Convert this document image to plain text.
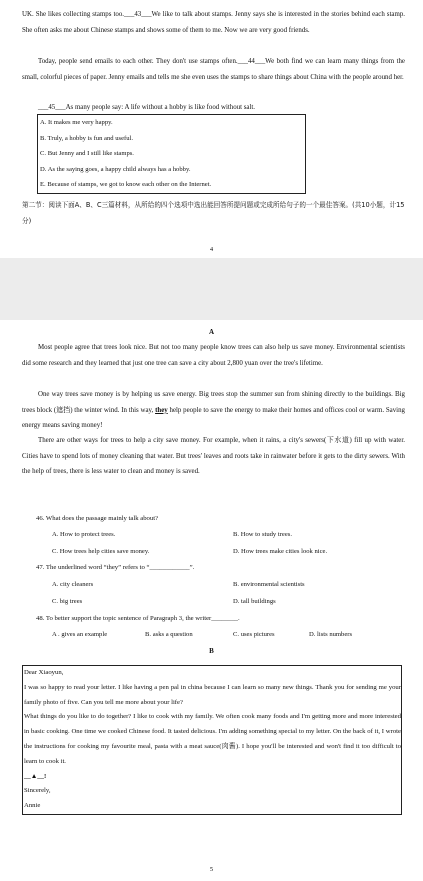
UK. She likes collecting stamps too.___43___We like to talk about stamps. Jenny says she is interested in the stories behind each stamp. She often asks me about Chinese stamps and shows some of them to me. Now we are very good friends.

Today, people send emails to each other. They don't use stamps often.___44___We both find we can learn many things from the small, colorful pieces of paper. Jenny emails and tells me she even uses the stamps to share things about China with the people around her.

___45___As many people say: A life without a hobby is like food without salt.

A. It makes me very happy.
B. Truly, a hobby is fun and useful.
C. But Jenny and I still like stamps.
D. As the saying goes, a happy child always has a hobby.
E. Because of stamps, we got to know each other on the Internet.

第二节：阅读下面A、B、C三篇材料，从所给的四个选项中选出能回答所提问题或完成所给句子的一个最佳答案。(共10小题，计15分)

4
A

Most people agree that trees look nice. But not too many people know trees can also help us save money. Environmental scientists did some research and they learned that just one tree can save a city about 2,800 yuan over the tree's lifetime.

One way trees save money is by helping us save energy. Big trees stop the summer sun from shining directly to the buildings. Big trees block (遮挡) the winter wind. In this way, they help people to save the energy to make their homes and offices cool or warm. Saving energy means saving money!

There are other ways for trees to help a city save money. For example, when it rains, a city's sewers(下水道) fill up with water. Cities have to spend lots of money cleaning that water. But trees' leaves and roots take in rainwater before it gets to the dirty sewers. With the help of trees, there is less water to clean and money is saved.

46. What does the passage mainly talk about?
A. How to protect trees.	B. How to study trees.
C. How trees help cities save money.	D. How trees make cities look nice.
47. The underlined word “they” refers to “____________”.
A. city cleaners	B. environmental scientists
C. big trees	D. tall buildings
48. To better support the topic sentence of Paragraph 3, the writer________.
A . gives an example	B. asks a question	C. uses pictures	D. lists numbers
B
Dear Xiaoyun,
I was so happy to read your letter. I like having a pen pal in china because I can learn so many new things. Thank you for sending me your family photo of five. Can you tell me more about your life?
What things do you like to do together? I like to cook with my family. We often cook many foods and I'm getting more and more interested in basic cooking. One time we cooked Chinese food. It tasted delicious. I'm adding something special to my letter. On the back of it, I wrote the instructions for cooking my favourite meal, pasta with a meat sauce(肉酱). I hope you'll be interested and won't find it too difficult to learn to cook it.
__▲__!
Sincerely,
Annie
5
